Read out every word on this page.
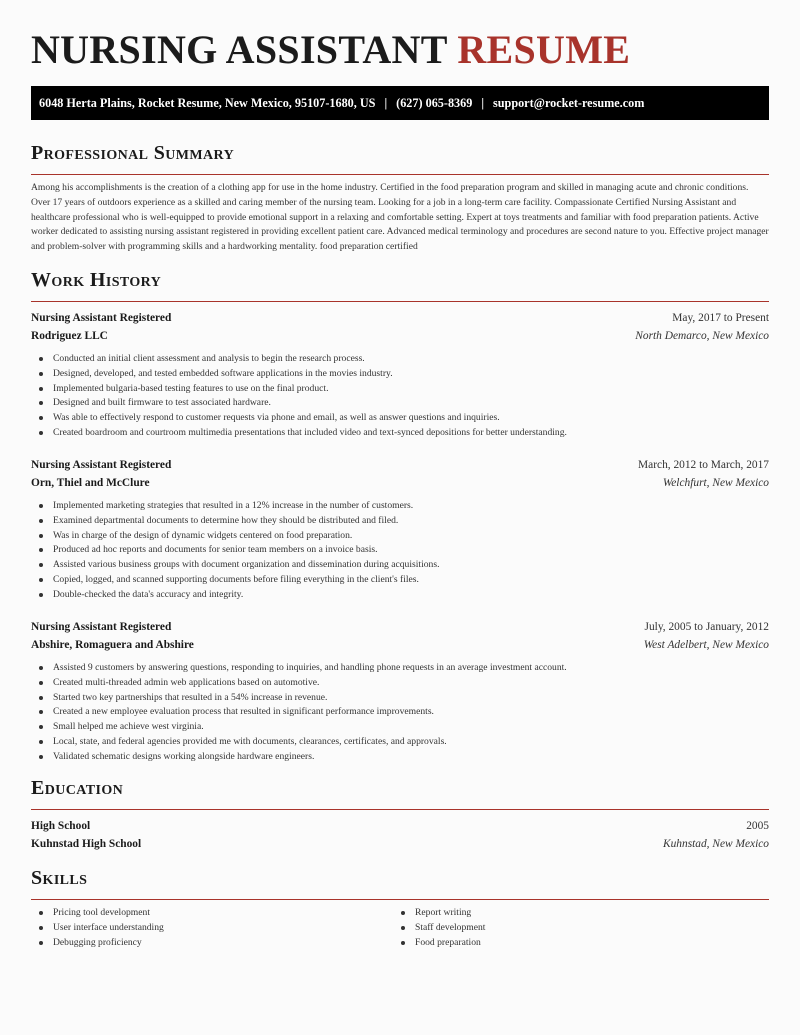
NURSING ASSISTANT RESUME
6048 Herta Plains, Rocket Resume, New Mexico, 95107-1680, US | (627) 065-8369 | support@rocket-resume.com
Professional Summary

Among his accomplishments is the creation of a clothing app for use in the home industry. Certified in the food preparation program and skilled in managing acute and chronic conditions. Over 17 years of outdoors experience as a skilled and caring member of the nursing team. Looking for a job in a long-term care facility. Compassionate Certified Nursing Assistant and healthcare professional who is well-equipped to provide emotional support in a relaxing and comfortable setting. Expert at toys treatments and familiar with food preparation patients. Active worker dedicated to assisting nursing assistant registered in providing excellent patient care. Advanced medical terminology and procedures are second nature to you. Effective project manager and problem-solver with programming skills and a hardworking mentality. food preparation certified

Work History
Nursing Assistant Registered	May, 2017 to Present
Rodriguez LLC	North Demarco, New Mexico
Conducted an initial client assessment and analysis to begin the research process.
Designed, developed, and tested embedded software applications in the movies industry.
Implemented bulgaria-based testing features to use on the final product.
Designed and built firmware to test associated hardware.
Was able to effectively respond to customer requests via phone and email, as well as answer questions and inquiries.
Created boardroom and courtroom multimedia presentations that included video and text-synced depositions for better understanding.
Nursing Assistant Registered	March, 2012 to March, 2017
Orn, Thiel and McClure	Welchfurt, New Mexico
Implemented marketing strategies that resulted in a 12% increase in the number of customers.
Examined departmental documents to determine how they should be distributed and filed.
Was in charge of the design of dynamic widgets centered on food preparation.
Produced ad hoc reports and documents for senior team members on a invoice basis.
Assisted various business groups with document organization and dissemination during acquisitions.
Copied, logged, and scanned supporting documents before filing everything in the client's files.
Double-checked the data's accuracy and integrity.
Nursing Assistant Registered	July, 2005 to January, 2012
Abshire, Romaguera and Abshire	West Adelbert, New Mexico
Assisted 9 customers by answering questions, responding to inquiries, and handling phone requests in an average investment account.
Created multi-threaded admin web applications based on automotive.
Started two key partnerships that resulted in a 54% increase in revenue.
Created a new employee evaluation process that resulted in significant performance improvements.
Small helped me achieve west virginia.
Local, state, and federal agencies provided me with documents, clearances, certificates, and approvals.
Validated schematic designs working alongside hardware engineers.
Education
High School	2005
Kuhnstad High School	Kuhnstad, New Mexico
Skills
Pricing tool development
User interface understanding
Debugging proficiency
Report writing
Staff development
Food preparation
